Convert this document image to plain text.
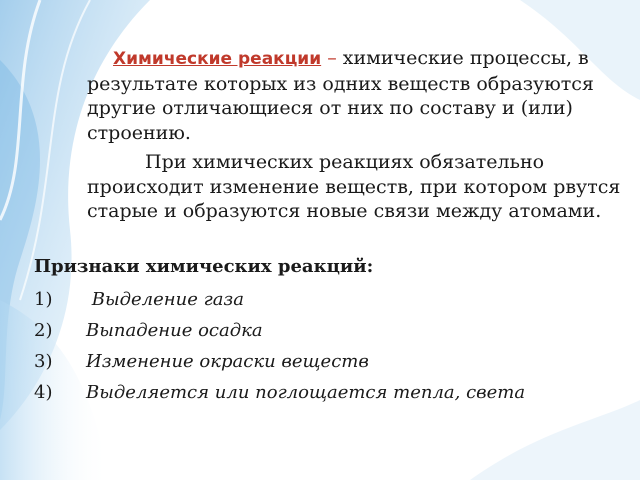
Химические реакции – химические процессы, в результате которых из одних веществ образуются другие отличающиеся от них по составу и (или) строению.
При химических реакциях обязательно происходит изменение веществ, при котором рвутся старые и образуются новые связи между атомами.
Признаки химических реакций:
1)	Выделение газа
2)	Выпадение осадка
3)	Изменение окраски веществ
4)	Выделяется или поглощается тепла, света
